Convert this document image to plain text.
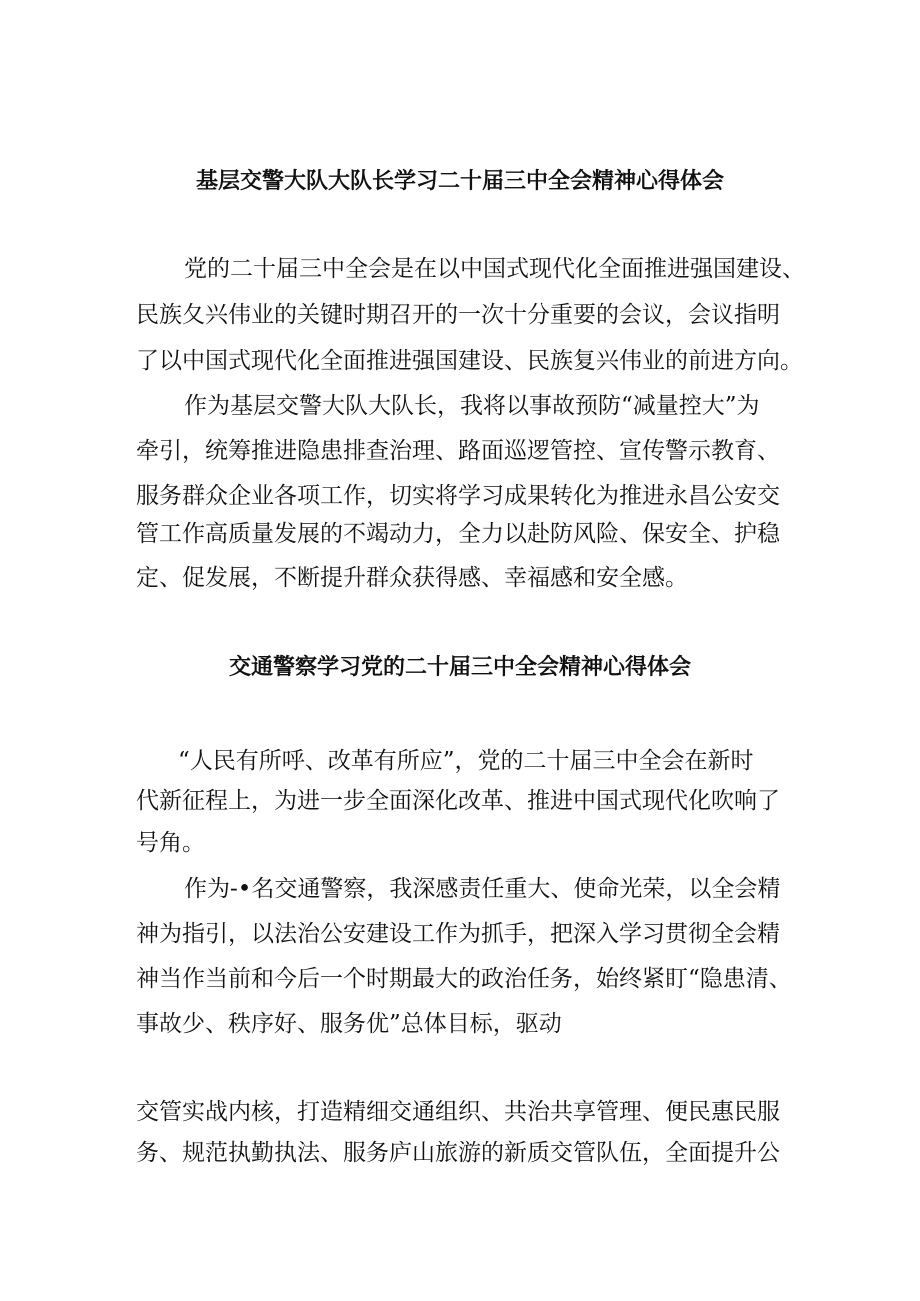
基层交警大队大队长学习二十届三中全会精神心得体会
党的二十届三中全会是在以中国式现代化全面推进强国建设、
民族夂兴伟业的关键时期召开的一次十分重要的会议，会议指明
了以中国式现代化全面推进强国建设、民族复兴伟业的前进方向。
作为基层交警大队大队长，我将以事故预防“减量控大”为
牵引，统筹推进隐患排查治理、路面巡逻管控、宣传警示教育、
服务群众企业各项工作，切实将学习成果转化为推进永昌公安交
管工作高质量发展的不竭动力，全力以赴防风险、保安全、护稳
定、促发展，不断提升群众获得感、幸福感和安全感。
交通警察学习党的二十届三中全会精神心得体会
“人民有所呼、改革有所应”，党的二十届三中全会在新时
代新征程上，为进一步全面深化改革、推进中国式现代化吹响了
号角。
作为-•名交通警察，我深感责任重大、使命光荣，以全会精
神为指引，以法治公安建设工作为抓手，把深入学习贯彻全会精
神当作当前和今后一个时期最大的政治任务，始终紧盯“隐患清、
事故少、秩序好、服务优”总体目标，驱动
交管实战内核，打造精细交通组织、共治共享管理、便民惠民服
务、规范执勤执法、服务庐山旅游的新质交管队伍，全面提升公
